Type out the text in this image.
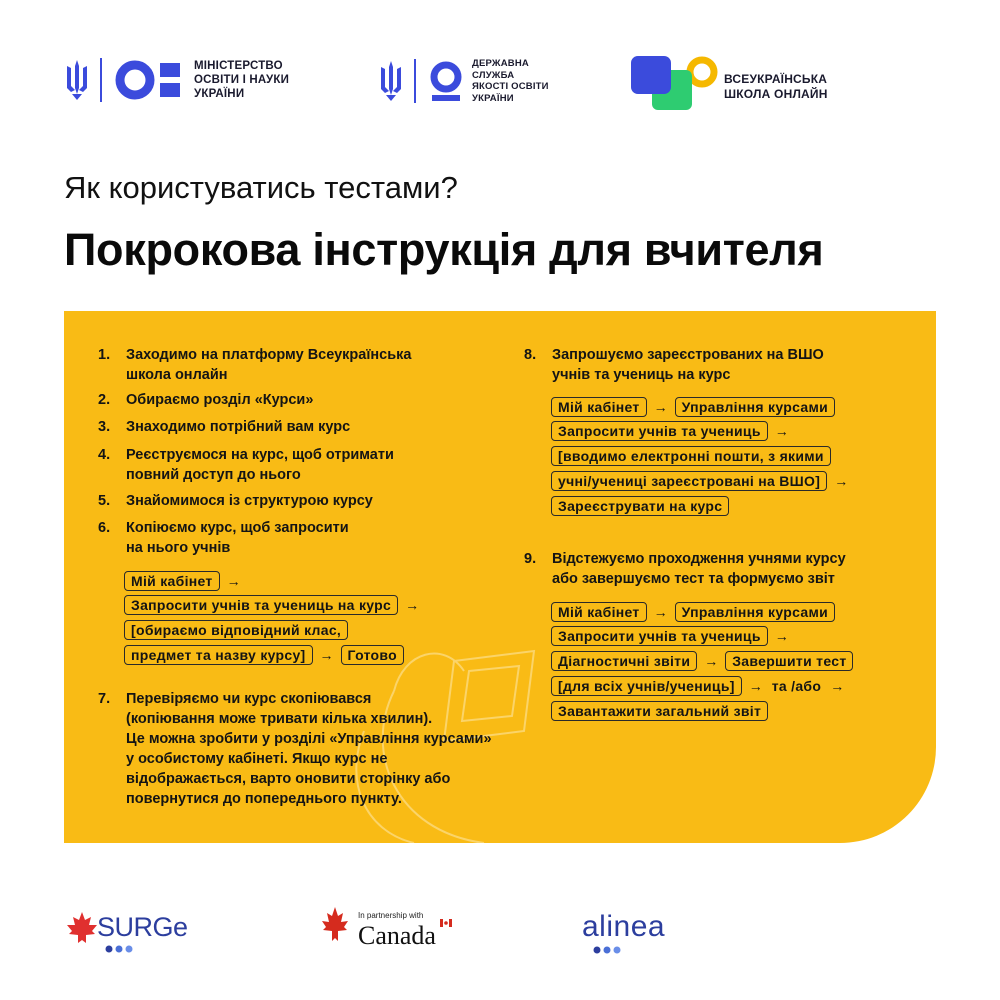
МІНІСТЕРСТВО
ОСВІТИ І НАУКИ
УКРАЇНИ
ДЕРЖАВНА
СЛУЖБА
ЯКОСТІ ОСВІТИ
УКРАЇНИ
ВСЕУКРАЇНСЬКА
ШКОЛА ОНЛАЙН
Як користуватись тестами?
Покрокова інструкція для вчителя
1.	Заходимо на платформу Всеукраїнська
школа онлайн
2.	Обираємо розділ «Курси»
3.	Знаходимо потрібний вам курс
4.	Реєструємося на курс, щоб отримати
повний доступ до нього
5.	Знайомимося із структурою курсу
6.	Копіюємо курс, щоб запросити
на нього учнів
Мій кабінет	→
Запросити учнів та учениць на курс	→
[обираємо відповідний клас,
предмет та назву курсу]	→	Готово
7.	Перевіряємо чи курс скопіювався
(копіювання може тривати кілька хвилин).
Це можна зробити у розділі «Управління курсами»
у особистому кабінеті. Якщо курс не
відображається, варто оновити сторінку або
повернутися до попереднього пункту.
8.	Запрошуємо зареєстрованих на ВШО
учнів та учениць на курс
Мій кабінет	→	Управління курсами
Запросити учнів та учениць	→
[вводимо електронні пошти, з якими
учні/учениці зареєстровані на ВШО]	→
Зареєструвати на курс
9.	Відстежуємо проходження учнями курсу
або завершуємо тест та формуємо звіт
Мій кабінет	→	Управління курсами
Запросити учнів та учениць	→
Діагностичні звіти	→	Завершити тест
[для всіх учнів/учениць]	→ та /або →
Завантажити загальний звіт
SURGe	In partnership with
Canada	alinea
